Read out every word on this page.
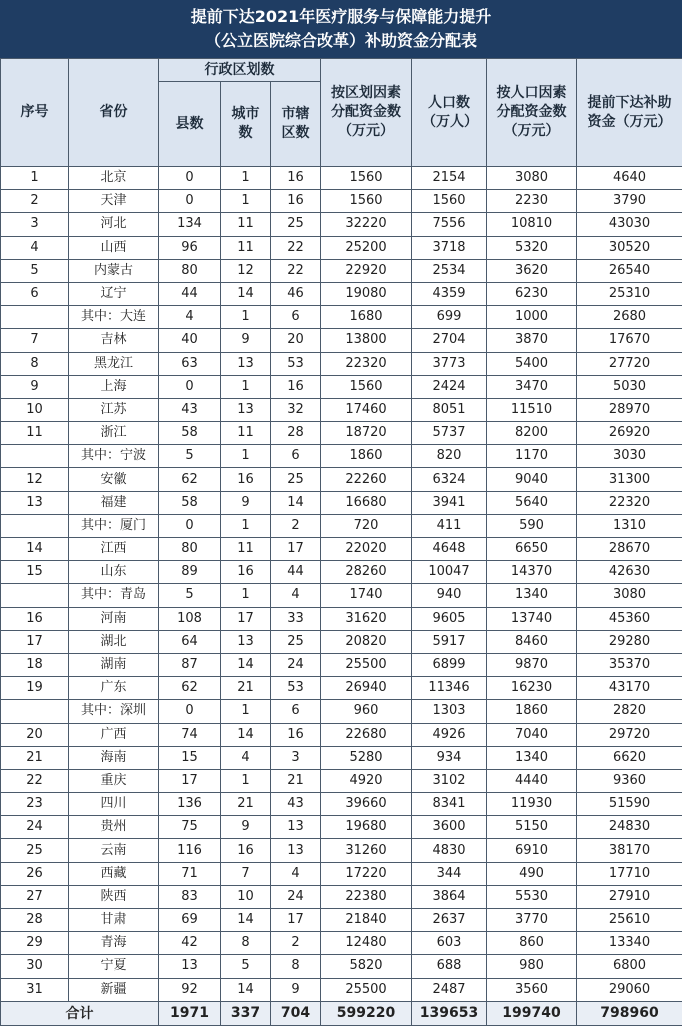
提前下达2021年医疗服务与保障能力提升
（公立医院综合改革）补助资金分配表
序号	省份	行政区划数			按区划因素分配资金数（万元）	人口数（万人）	按人口因素分配资金数（万元）	提前下达补助资金（万元）
		县数	城市数	市辖区数				
1	北京	0	1	16	1560	2154	3080	4640
2	天津	0	1	16	1560	1560	2230	3790
3	河北	134	11	25	32220	7556	10810	43030
4	山西	96	11	22	25200	3718	5320	30520
5	内蒙古	80	12	22	22920	2534	3620	26540
6	辽宁	44	14	46	19080	4359	6230	25310
	其中：大连	4	1	6	1680	699	1000	2680
7	吉林	40	9	20	13800	2704	3870	17670
8	黑龙江	63	13	53	22320	3773	5400	27720
9	上海	0	1	16	1560	2424	3470	5030
10	江苏	43	13	32	17460	8051	11510	28970
11	浙江	58	11	28	18720	5737	8200	26920
	其中：宁波	5	1	6	1860	820	1170	3030
12	安徽	62	16	25	22260	6324	9040	31300
13	福建	58	9	14	16680	3941	5640	22320
	其中：厦门	0	1	2	720	411	590	1310
14	江西	80	11	17	22020	4648	6650	28670
15	山东	89	16	44	28260	10047	14370	42630
	其中：青岛	5	1	4	1740	940	1340	3080
16	河南	108	17	33	31620	9605	13740	45360
17	湖北	64	13	25	20820	5917	8460	29280
18	湖南	87	14	24	25500	6899	9870	35370
19	广东	62	21	53	26940	11346	16230	43170
	其中：深圳	0	1	6	960	1303	1860	2820
20	广西	74	14	16	22680	4926	7040	29720
21	海南	15	4	3	5280	934	1340	6620
22	重庆	17	1	21	4920	3102	4440	9360
23	四川	136	21	43	39660	8341	11930	51590
24	贵州	75	9	13	19680	3600	5150	24830
25	云南	116	16	13	31260	4830	6910	38170
26	西藏	71	7	4	17220	344	490	17710
27	陕西	83	10	24	22380	3864	5530	27910
28	甘肃	69	14	17	21840	2637	3770	25610
29	青海	42	8	2	12480	603	860	13340
30	宁夏	13	5	8	5820	688	980	6800
31	新疆	92	14	9	25500	2487	3560	29060
合计		1971	337	704	599220	139653	199740	798960
